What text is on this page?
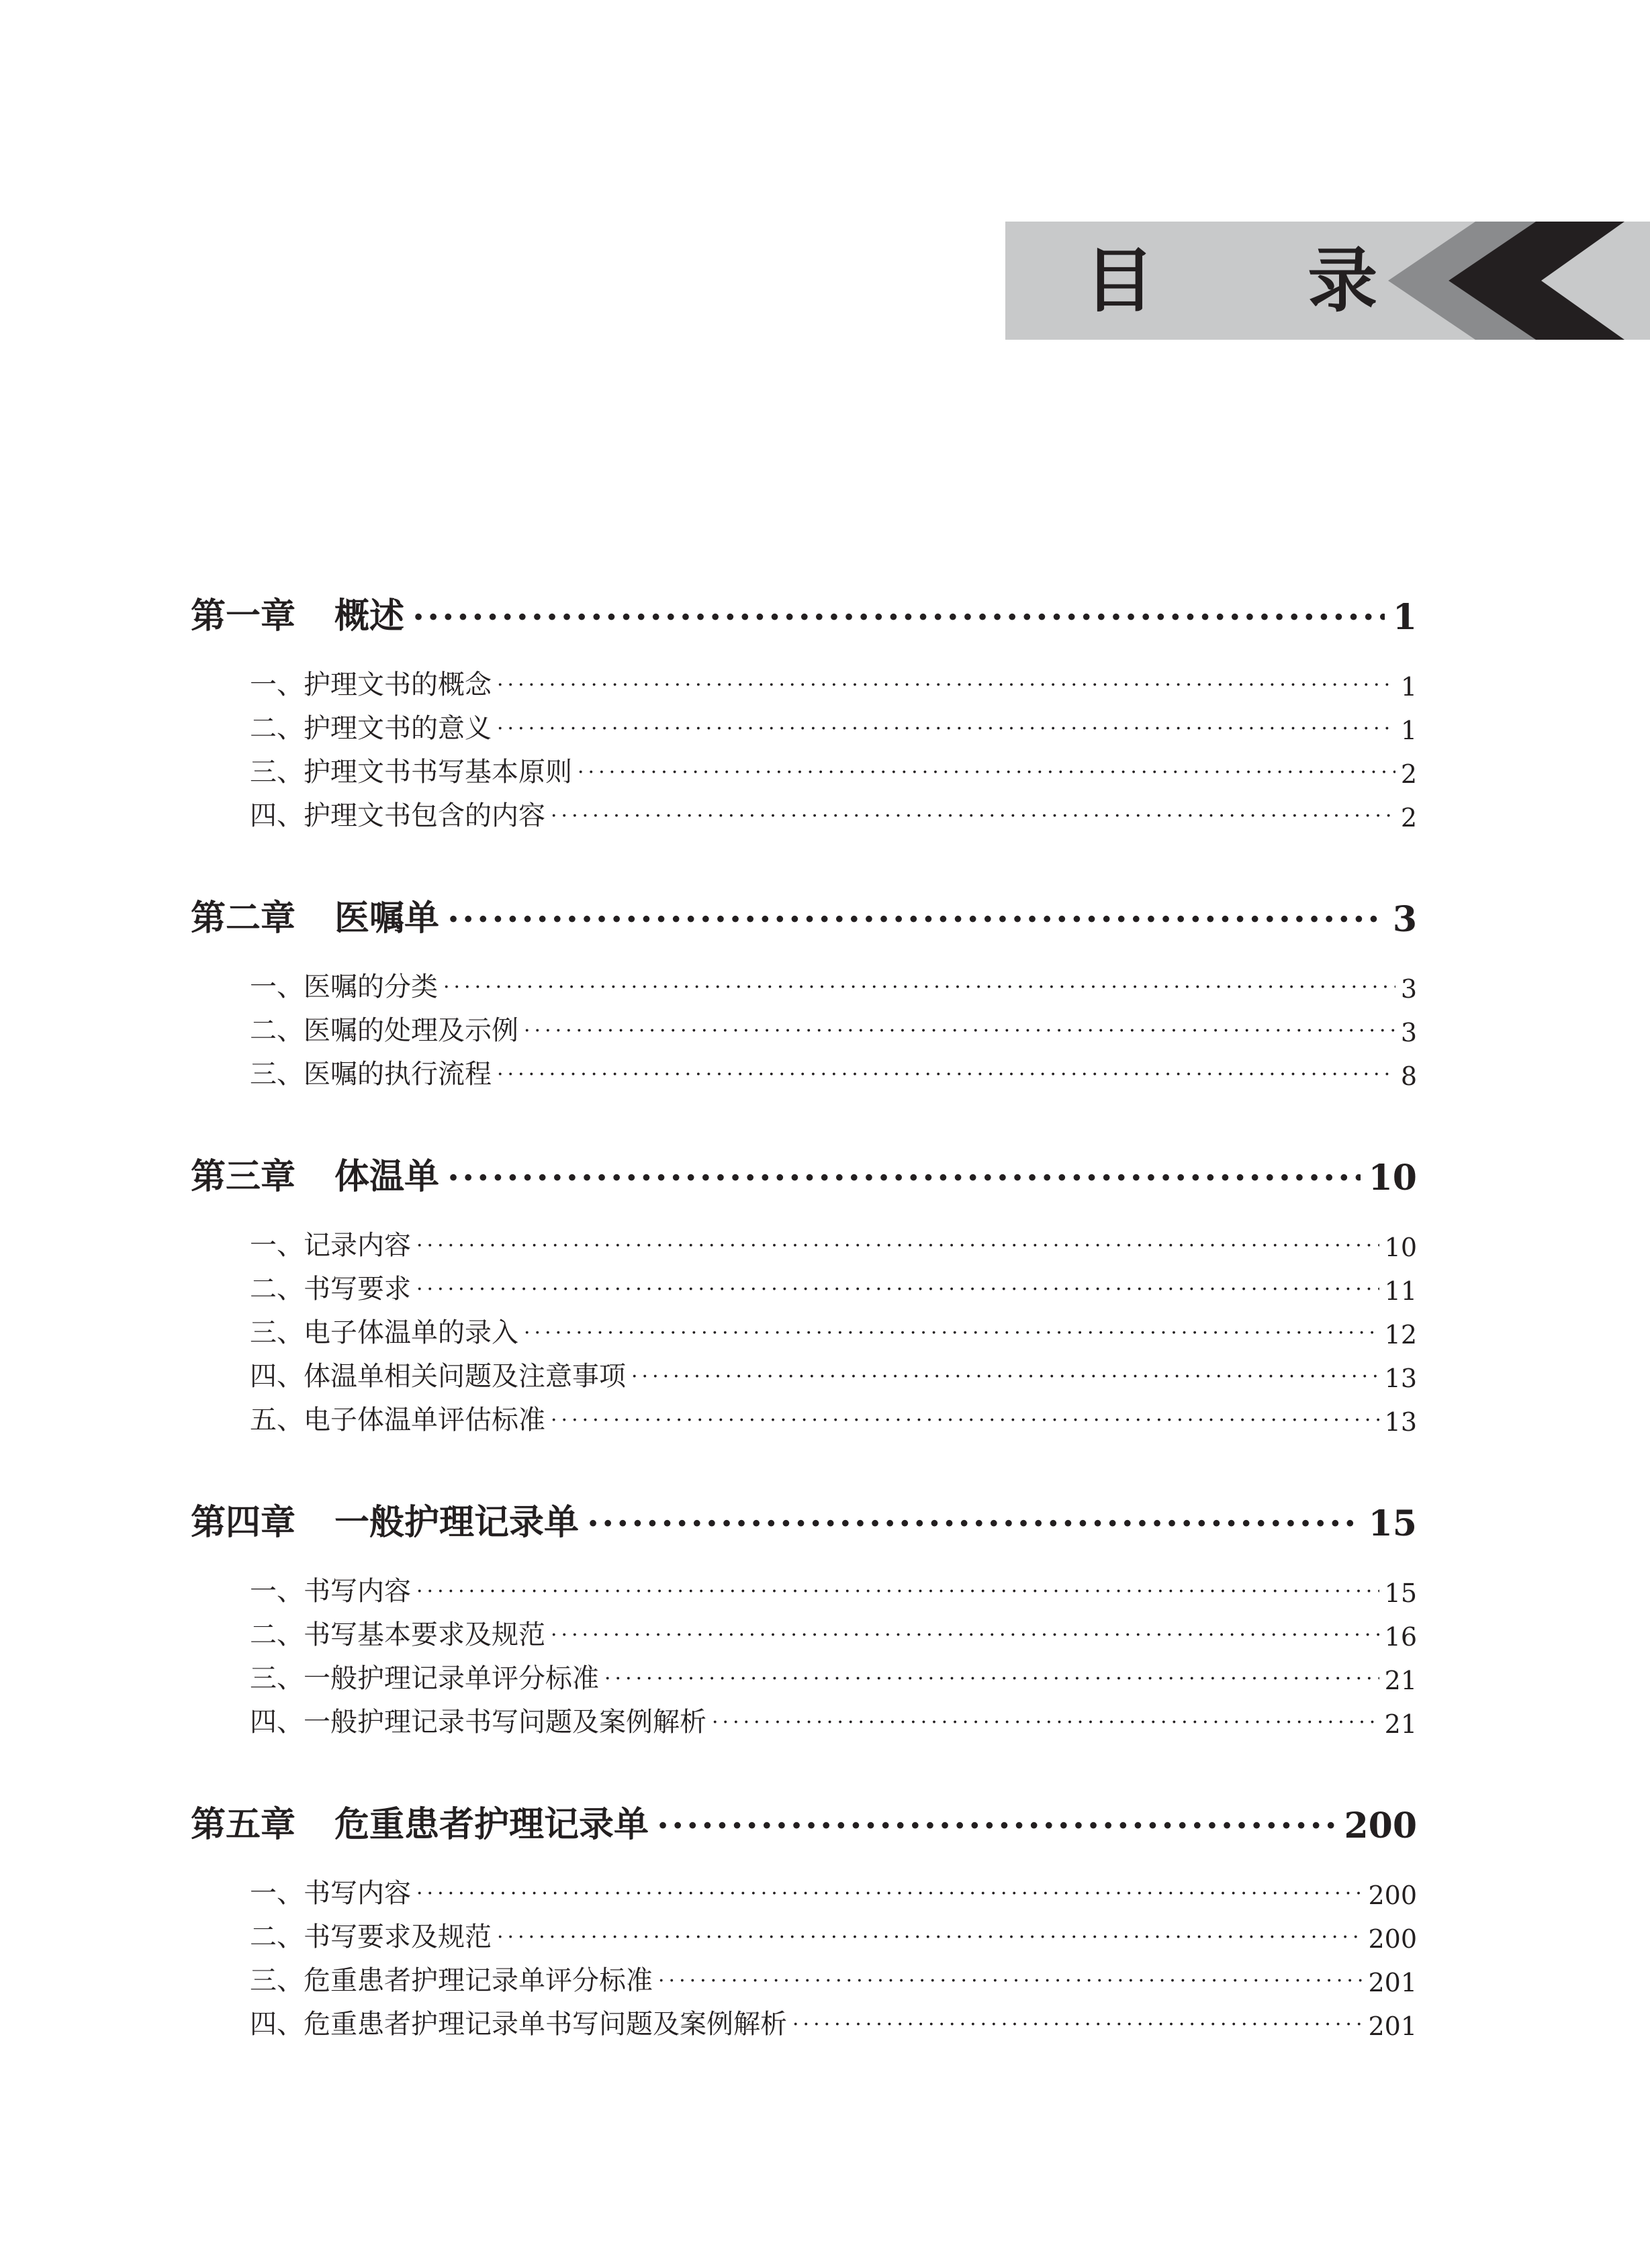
目 录
第一章	概述 ·····	1
一、护理文书的概念 ·····	1
二、护理文书的意义 ·····	1
三、护理文书书写基本原则 ·····	2
四、护理文书包含的内容 ·····	2
第二章	医嘱单 ·····	3
一、医嘱的分类 ·····	3
二、医嘱的处理及示例 ·····	3
三、医嘱的执行流程 ·····	8
第三章	体温单 ·····	10
一、记录内容 ·····	10
二、书写要求 ·····	11
三、电子体温单的录入 ·····	12
四、体温单相关问题及注意事项 ·····	13
五、电子体温单评估标准 ·····	13
第四章	一般护理记录单 ·····	15
一、书写内容 ·····	15
二、书写基本要求及规范 ·····	16
三、一般护理记录单评分标准 ·····	21
四、一般护理记录书写问题及案例解析 ·····	21
第五章	危重患者护理记录单 ·····	200
一、书写内容 ·····	200
二、书写要求及规范 ·····	200
三、危重患者护理记录单评分标准 ·····	201
四、危重患者护理记录单书写问题及案例解析 ·····	201
